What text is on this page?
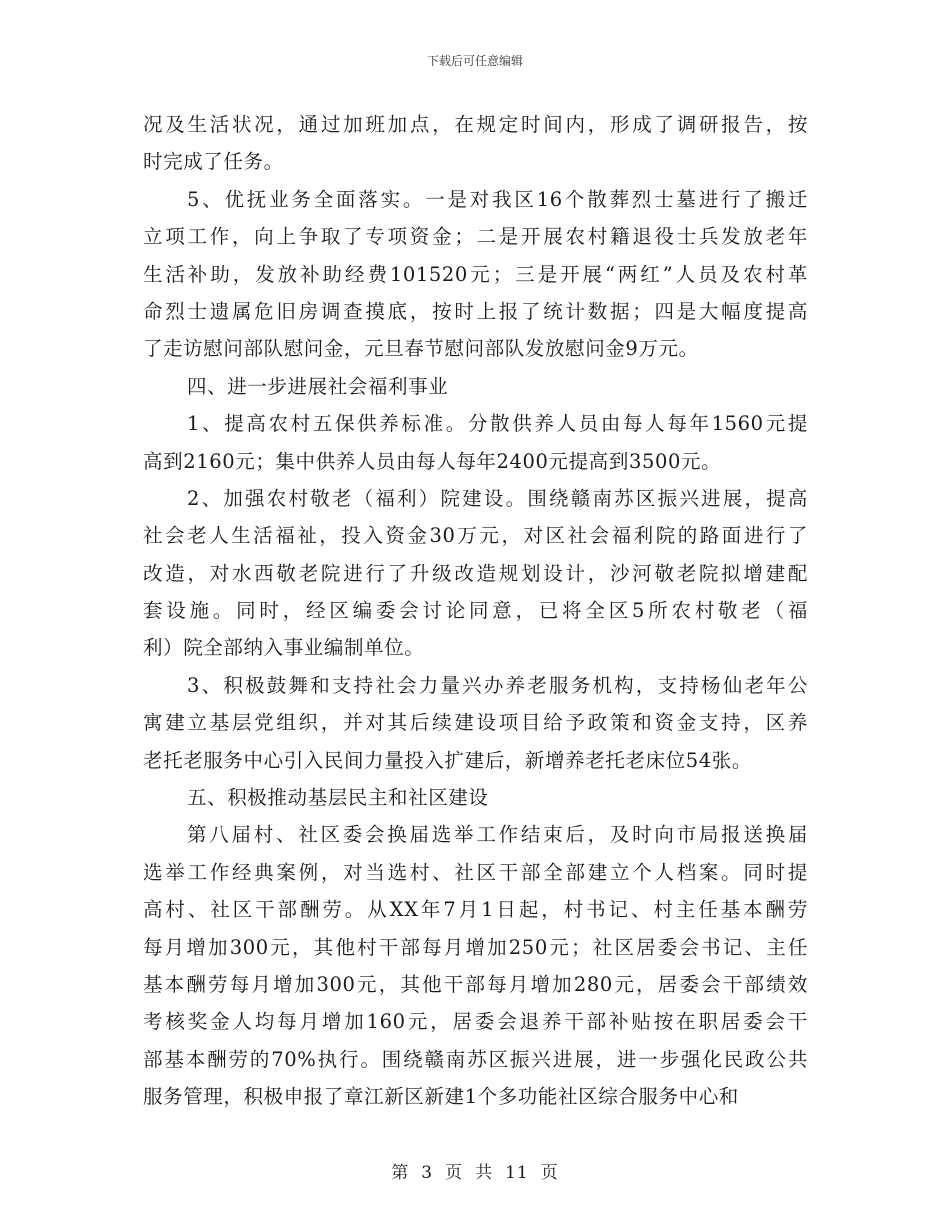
下载后可任意编辑
况及生活状况，通过加班加点，在规定时间内，形成了调研报告，按
时完成了任务。
5、优抚业务全面落实。一是对我区16个散葬烈士墓进行了搬迁
立项工作，向上争取了专项资金；二是开展农村籍退役士兵发放老年
生活补助，发放补助经费101520元；三是开展“两红”人员及农村革
命烈士遗属危旧房调查摸底，按时上报了统计数据；四是大幅度提高
了走访慰问部队慰问金，元旦春节慰问部队发放慰问金9万元。
四、进一步进展社会福利事业
1、提高农村五保供养标准。分散供养人员由每人每年1560元提
高到2160元；集中供养人员由每人每年2400元提高到3500元。
2、加强农村敬老（福利）院建设。围绕赣南苏区振兴进展，提高
社会老人生活福祉，投入资金30万元，对区社会福利院的路面进行了
改造，对水西敬老院进行了升级改造规划设计，沙河敬老院拟增建配
套设施。同时，经区编委会讨论同意，已将全区5所农村敬老（福
利）院全部纳入事业编制单位。
3、积极鼓舞和支持社会力量兴办养老服务机构，支持杨仙老年公
寓建立基层党组织，并对其后续建设项目给予政策和资金支持，区养
老托老服务中心引入民间力量投入扩建后，新增养老托老床位54张。
五、积极推动基层民主和社区建设
第八届村、社区委会换届选举工作结束后，及时向市局报送换届
选举工作经典案例，对当选村、社区干部全部建立个人档案。同时提
高村、社区干部酬劳。从XX年7月1日起，村书记、村主任基本酬劳
每月增加300元，其他村干部每月增加250元；社区居委会书记、主任
基本酬劳每月增加300元，其他干部每月增加280元，居委会干部绩效
考核奖金人均每月增加160元，居委会退养干部补贴按在职居委会干
部基本酬劳的70%执行。围绕赣南苏区振兴进展，进一步强化民政公共
服务管理，积极申报了章江新区新建1个多功能社区综合服务中心和
第 3 页 共 11 页
